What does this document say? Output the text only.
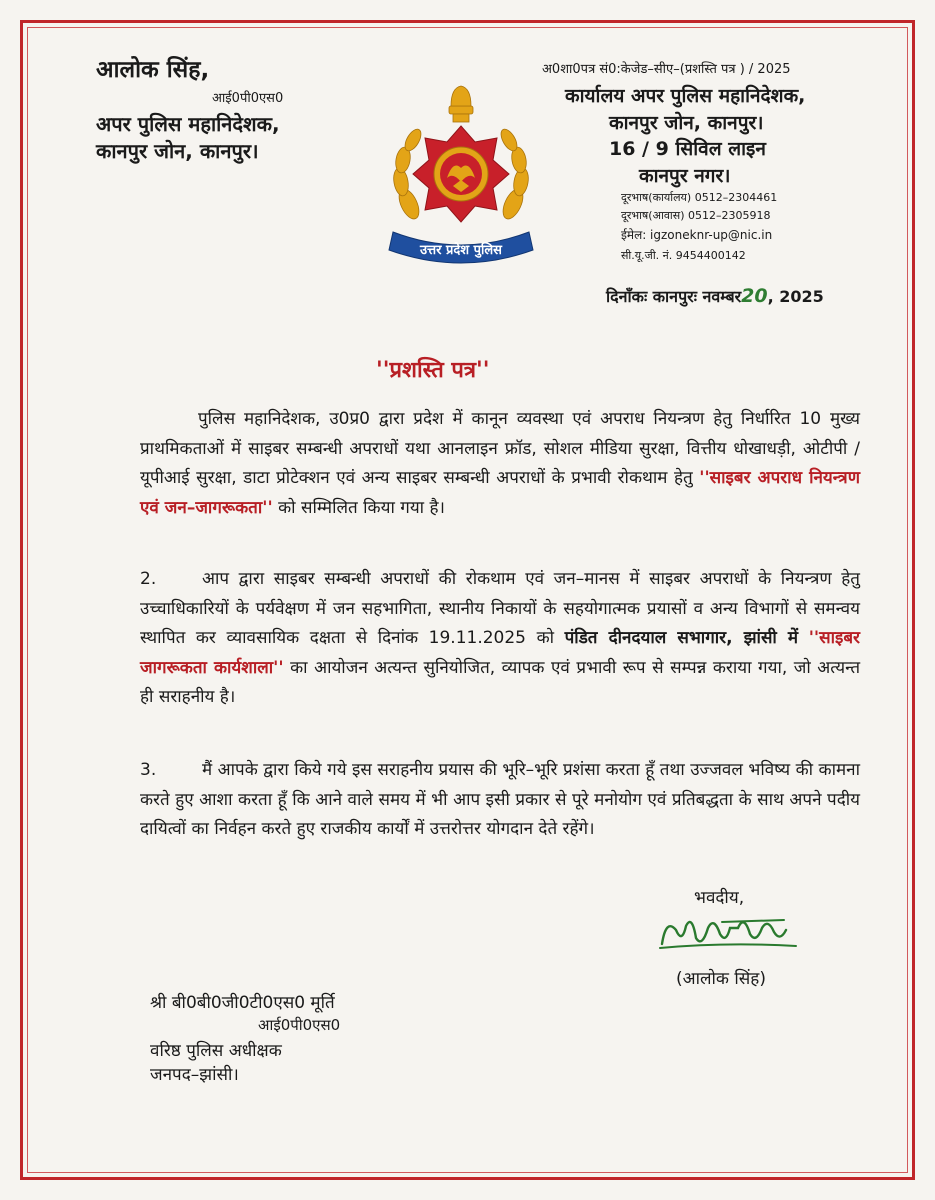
आलोक सिंह,
आई0पी0एस0
अपर पुलिस महानिदेशक,
कानपुर जोन, कानपुर।
उत्तर प्रदेश पुलिस
अ0शा0पत्र सं0:केजेड–सीए–(प्रशस्ति पत्र ) / 2025
कार्यालय अपर पुलिस महानिदेशक,
कानपुर जोन, कानपुर।
16 / 9 सिविल लाइन
कानपुर नगर।
दूरभाष(कार्यालय) 0512–2304461
दूरभाष(आवास) 0512–2305918
ईमेल: igzoneknr-up@nic.in
सी.यू.जी. नं. 9454400142
दिनाँकः कानपुरः नवम्बर20, 2025
''प्रशस्ति पत्र''
पुलिस महानिदेशक, उ0प्र0 द्वारा प्रदेश में कानून व्यवस्था एवं अपराध नियन्त्रण हेतु निर्धारित 10 मुख्य प्राथमिकताओं में साइबर सम्बन्धी अपराधों यथा आनलाइन फ्रॉड, सोशल मीडिया सुरक्षा, वित्तीय धोखाधड़ी, ओटीपी / यूपीआई सुरक्षा, डाटा प्रोटेक्शन एवं अन्य साइबर सम्बन्धी अपराधों के प्रभावी रोकथाम हेतु ''साइबर अपराध नियन्त्रण एवं जन–जागरूकता'' को सम्मिलित किया गया है।
2.	आप द्वारा साइबर सम्बन्धी अपराधों की रोकथाम एवं जन–मानस में साइबर अपराधों के नियन्त्रण हेतु उच्चाधिकारियों के पर्यवेक्षण में जन सहभागिता, स्थानीय निकायों के सहयोगात्मक प्रयासों व अन्य विभागों से समन्वय स्थापित कर व्यावसायिक दक्षता से दिनांक 19.11.2025 को पंडित दीनदयाल सभागार, झांसी में ''साइबर जागरूकता कार्यशाला'' का आयोजन अत्यन्त सुनियोजित, व्यापक एवं प्रभावी रूप से सम्पन्न कराया गया, जो अत्यन्त ही सराहनीय है।
3.	मैं आपके द्वारा किये गये इस सराहनीय प्रयास की भूरि–भूरि प्रशंसा करता हूँ तथा उज्जवल भविष्य की कामना करते हुए आशा करता हूँ कि आने वाले समय में भी आप इसी प्रकार से पूरे मनोयोग एवं प्रतिबद्धता के साथ अपने पदीय दायित्वों का निर्वहन करते हुए राजकीय कार्यों में उत्तरोत्तर योगदान देते रहेंगे।
भवदीय,
(आलोक सिंह)
श्री बी0बी0जी0टी0एस0 मूर्ति
आई0पी0एस0
वरिष्ठ पुलिस अधीक्षक
जनपद–झांसी।
